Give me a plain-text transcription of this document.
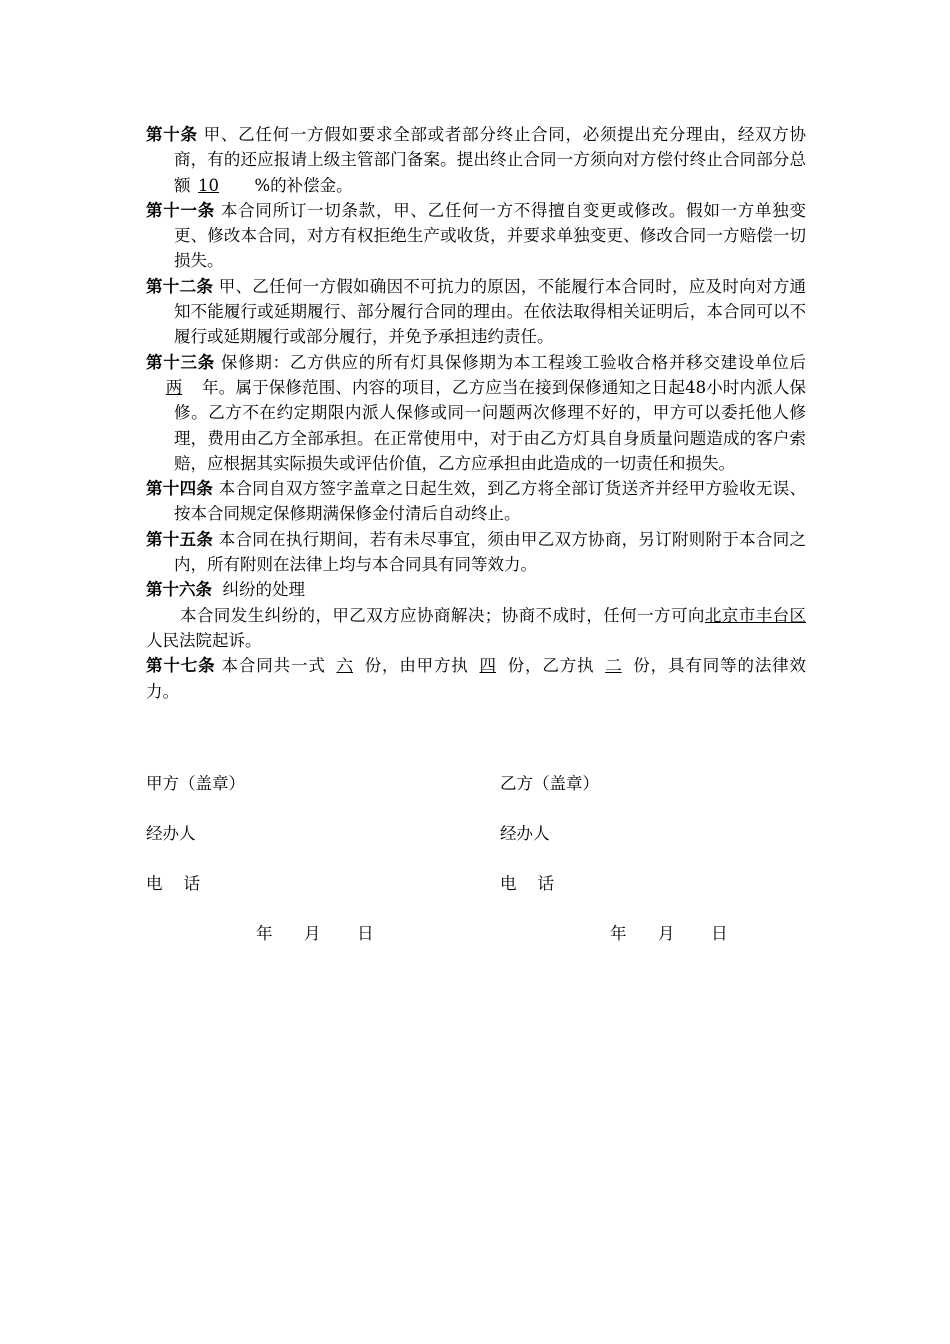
第十条 甲、乙任何一方假如要求全部或者部分终止合同，必须提出充分理由，经双方协商，有的还应报请上级主管部门备案。提出终止合同一方须向对方偿付终止合同部分总额 10 %的补偿金。
第十一条 本合同所订一切条款，甲、乙任何一方不得擅自变更或修改。假如一方单独变更、修改本合同，对方有权拒绝生产或收货，并要求单独变更、修改合同一方赔偿一切损失。
第十二条 甲、乙任何一方假如确因不可抗力的原因，不能履行本合同时，应及时向对方通知不能履行或延期履行、部分履行合同的理由。在依法取得相关证明后，本合同可以不履行或延期履行或部分履行，并免予承担违约责任。
第十三条 保修期：乙方供应的所有灯具保修期为本工程竣工验收合格并移交建设单位后两 年。属于保修范围、内容的项目，乙方应当在接到保修通知之日起48小时内派人保修。乙方不在约定期限内派人保修或同一问题两次修理不好的，甲方可以委托他人修理，费用由乙方全部承担。在正常使用中，对于由乙方灯具自身质量问题造成的客户索赔，应根据其实际损失或评估价值，乙方应承担由此造成的一切责任和损失。
第十四条 本合同自双方签字盖章之日起生效，到乙方将全部订货送齐并经甲方验收无误、按本合同规定保修期满保修金付清后自动终止。
第十五条 本合同在执行期间，若有未尽事宜，须由甲乙双方协商，另订附则附于本合同之内，所有附则在法律上均与本合同具有同等效力。
第十六条  纠纷的处理
本合同发生纠纷的，甲乙双方应协商解决；协商不成时，任何一方可向北京市丰台区人民法院起诉。
第十七条 本合同共一式 六 份，由甲方执 四 份，乙方执 二 份，具有同等的法律效力。
甲方（盖章）
经办人
电    话
年      月       日
乙方（盖章）
经办人
电    话
年      月       日
